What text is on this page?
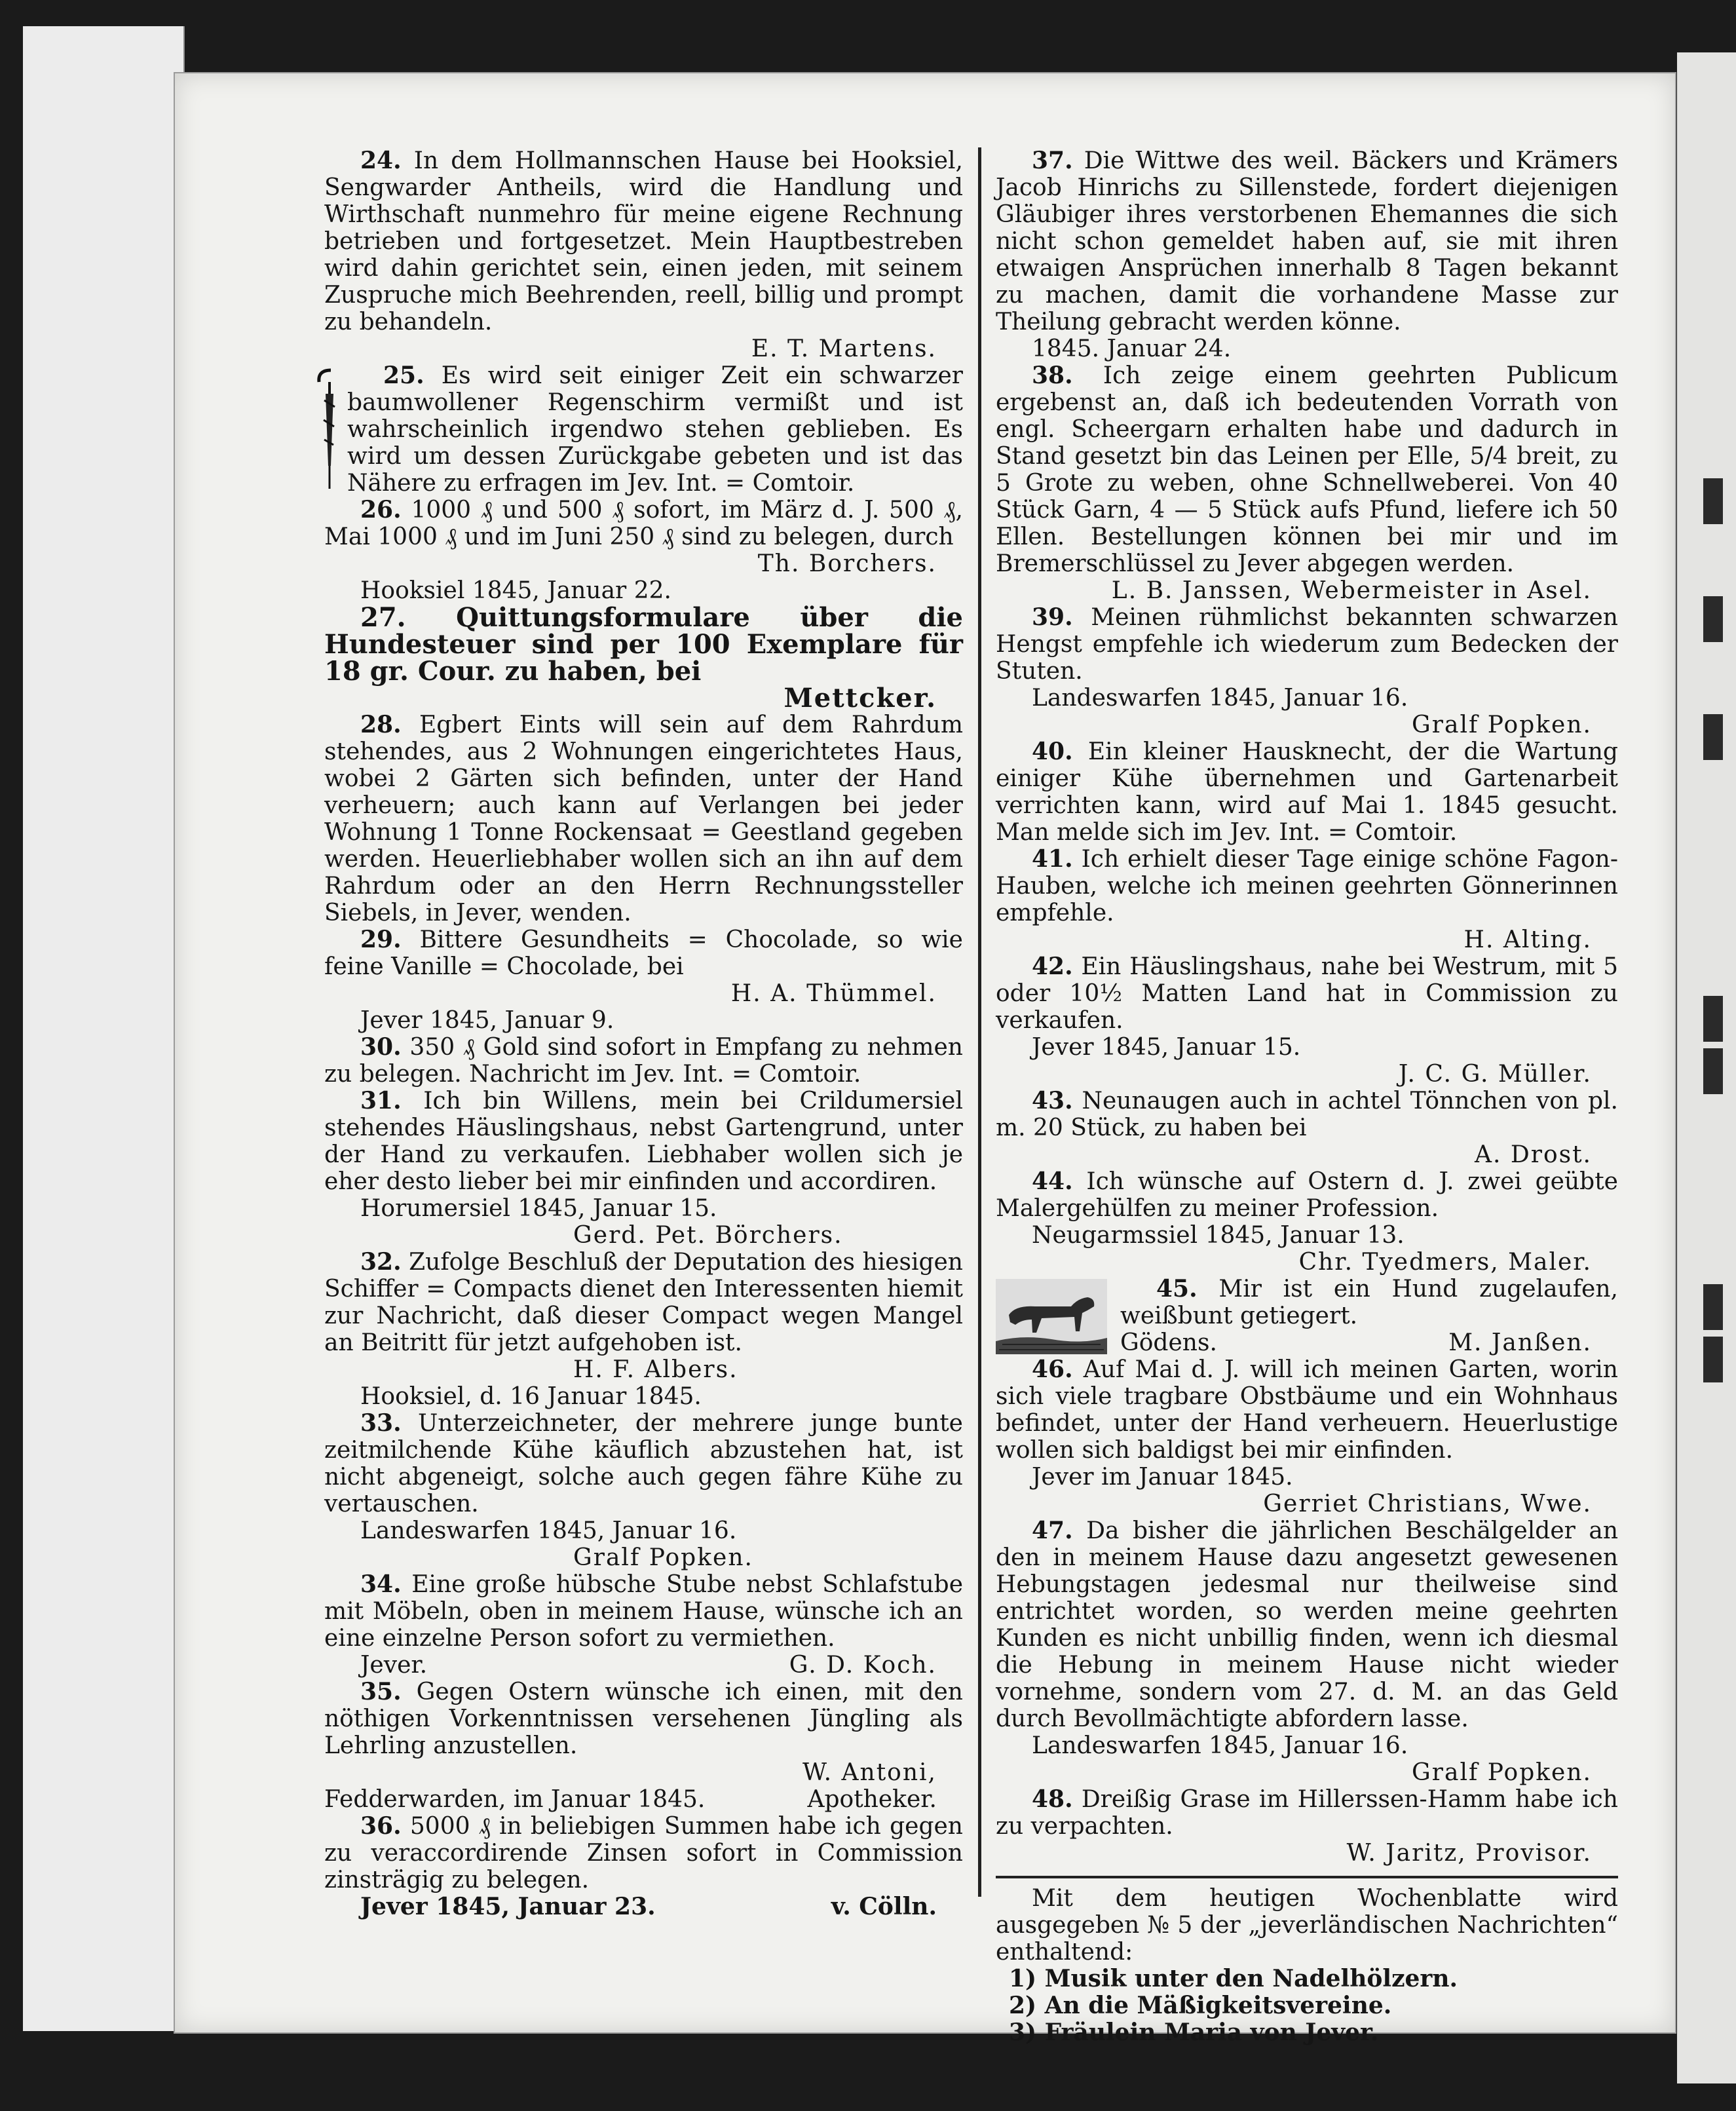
24. In dem Hollmannschen Hause bei Hooksiel, Sengwarder Antheils, wird die Handlung und Wirthschaft nunmehro für meine eigene Rechnung betrieben und fortgesetzet. Mein Hauptbestreben wird dahin gerichtet sein, einen jeden, mit seinem Zuspruche mich Beehrenden, reell, billig und prompt zu behandeln.

E. T. Martens.

25. Es wird seit einiger Zeit ein schwarzer baumwollener Regenschirm vermißt und ist wahrscheinlich irgendwo stehen geblieben. Es wird um dessen Zurückgabe gebeten und ist das Nähere zu erfragen im Jev. Int. = Comtoir.

26. 1000 ₰ und 500 ₰ sofort, im März d. J. 500 ₰, Mai 1000 ₰ und im Juni 250 ₰ sind zu belegen, durch

Th. Borchers.
Hooksiel 1845, Januar 22.

27. Quittungsformulare über die Hundesteuer sind per 100 Exemplare für 18 gr. Cour. zu haben, bei

Mettcker.

28. Egbert Eints will sein auf dem Rahrdum stehendes, aus 2 Wohnungen eingerichtetes Haus, wobei 2 Gärten sich befinden, unter der Hand verheuern; auch kann auf Verlangen bei jeder Wohnung 1 Tonne Rockensaat = Geestland gegeben werden. Heuerliebhaber wollen sich an ihn auf dem Rahrdum oder an den Herrn Rechnungssteller Siebels, in Jever, wenden.

29. Bittere Gesundheits = Chocolade, so wie feine Vanille = Chocolade, bei

H. A. Thümmel.
Jever 1845, Januar 9.

30. 350 ₰ Gold sind sofort in Empfang zu nehmen zu belegen. Nachricht im Jev. Int. = Comtoir.

31. Ich bin Willens, mein bei Crildumersiel stehendes Häuslingshaus, nebst Gartengrund, unter der Hand zu verkaufen. Liebhaber wollen sich je eher desto lieber bei mir einfinden und accordiren.

Horumersiel 1845, Januar 15.
Gerd. Pet. Börchers.

32. Zufolge Beschluß der Deputation des hiesigen Schiffer = Compacts dienet den Interessenten hiemit zur Nachricht, daß dieser Compact wegen Mangel an Beitritt für jetzt aufgehoben ist.

H. F. Albers.
Hooksiel, d. 16 Januar 1845.

33. Unterzeichneter, der mehrere junge bunte zeitmilchende Kühe käuflich abzustehen hat, ist nicht abgeneigt, solche auch gegen fähre Kühe zu vertauschen.

Landeswarfen 1845, Januar 16.
Gralf Popken.

34. Eine große hübsche Stube nebst Schlafstube mit Möbeln, oben in meinem Hause, wünsche ich an eine einzelne Person sofort zu vermiethen.

Jever.	G. D. Koch.

35. Gegen Ostern wünsche ich einen, mit den nöthigen Vorkenntnissen versehenen Jüngling als Lehrling anzustellen.

W. Antoni,
Fedderwarden, im Januar 1845.	Apotheker.

36. 5000 ₰ in beliebigen Summen habe ich gegen zu veraccordirende Zinsen sofort in Commission zinsträgig zu belegen.

Jever 1845, Januar 23.	v. Cölln.

37. Die Wittwe des weil. Bäckers und Krämers Jacob Hinrichs zu Sillenstede, fordert diejenigen Gläubiger ihres verstorbenen Ehemannes die sich nicht schon gemeldet haben auf, sie mit ihren etwaigen Ansprüchen innerhalb 8 Tagen bekannt zu machen, damit die vorhandene Masse zur Theilung gebracht werden könne.

1845. Januar 24.

38. Ich zeige einem geehrten Publicum ergebenst an, daß ich bedeutenden Vorrath von engl. Scheergarn erhalten habe und dadurch in Stand gesetzt bin das Leinen per Elle, 5/4 breit, zu 5 Grote zu weben, ohne Schnellweberei. Von 40 Stück Garn, 4 — 5 Stück aufs Pfund, liefere ich 50 Ellen. Bestellungen können bei mir und im Bremerschlüssel zu Jever abgegen werden.

L. B. Janssen, Webermeister in Asel.

39. Meinen rühmlichst bekannten schwarzen Hengst empfehle ich wiederum zum Bedecken der Stuten.

Landeswarfen 1845, Januar 16.
Gralf Popken.

40. Ein kleiner Hausknecht, der die Wartung einiger Kühe übernehmen und Gartenarbeit verrichten kann, wird auf Mai 1. 1845 gesucht. Man melde sich im Jev. Int. = Comtoir.

41. Ich erhielt dieser Tage einige schöne Fagon-Hauben, welche ich meinen geehrten Gönnerinnen empfehle.

H. Alting.

42. Ein Häuslingshaus, nahe bei Westrum, mit 5 oder 10½ Matten Land hat in Commission zu verkaufen.

Jever 1845, Januar 15.
J. C. G. Müller.

43. Neunaugen auch in achtel Tönnchen von pl. m. 20 Stück, zu haben bei

A. Drost.

44. Ich wünsche auf Ostern d. J. zwei geübte Malergehülfen zu meiner Profession.

Neugarmssiel 1845, Januar 13.
Chr. Tyedmers, Maler.

45. Mir ist ein Hund zugelaufen, weißbunt getiegert.

Gödens.	M. Janßen.

46. Auf Mai d. J. will ich meinen Garten, worin sich viele tragbare Obstbäume und ein Wohnhaus befindet, unter der Hand verheuern. Heuerlustige wollen sich baldigst bei mir einfinden.

Jever im Januar 1845.
Gerriet Christians, Wwe.

47. Da bisher die jährlichen Beschälgelder an den in meinem Hause dazu angesetzt gewesenen Hebungstagen jedesmal nur theilweise sind entrichtet worden, so werden meine geehrten Kunden es nicht unbillig finden, wenn ich diesmal die Hebung in meinem Hause nicht wieder vornehme, sondern vom 27. d. M. an das Geld durch Bevollmächtigte abfordern lasse.

Landeswarfen 1845, Januar 16.
Gralf Popken.

48. Dreißig Grase im Hillerssen-Hamm habe ich zu verpachten.

W. Jaritz, Provisor.

Mit dem heutigen Wochenblatte wird ausgegeben № 5 der „jeverländischen Nachrichten“ enthaltend:

1) Musik unter den Nadelhölzern.
2) An die Mäßigkeitsvereine.
3) Fräulein Maria von Jever.
